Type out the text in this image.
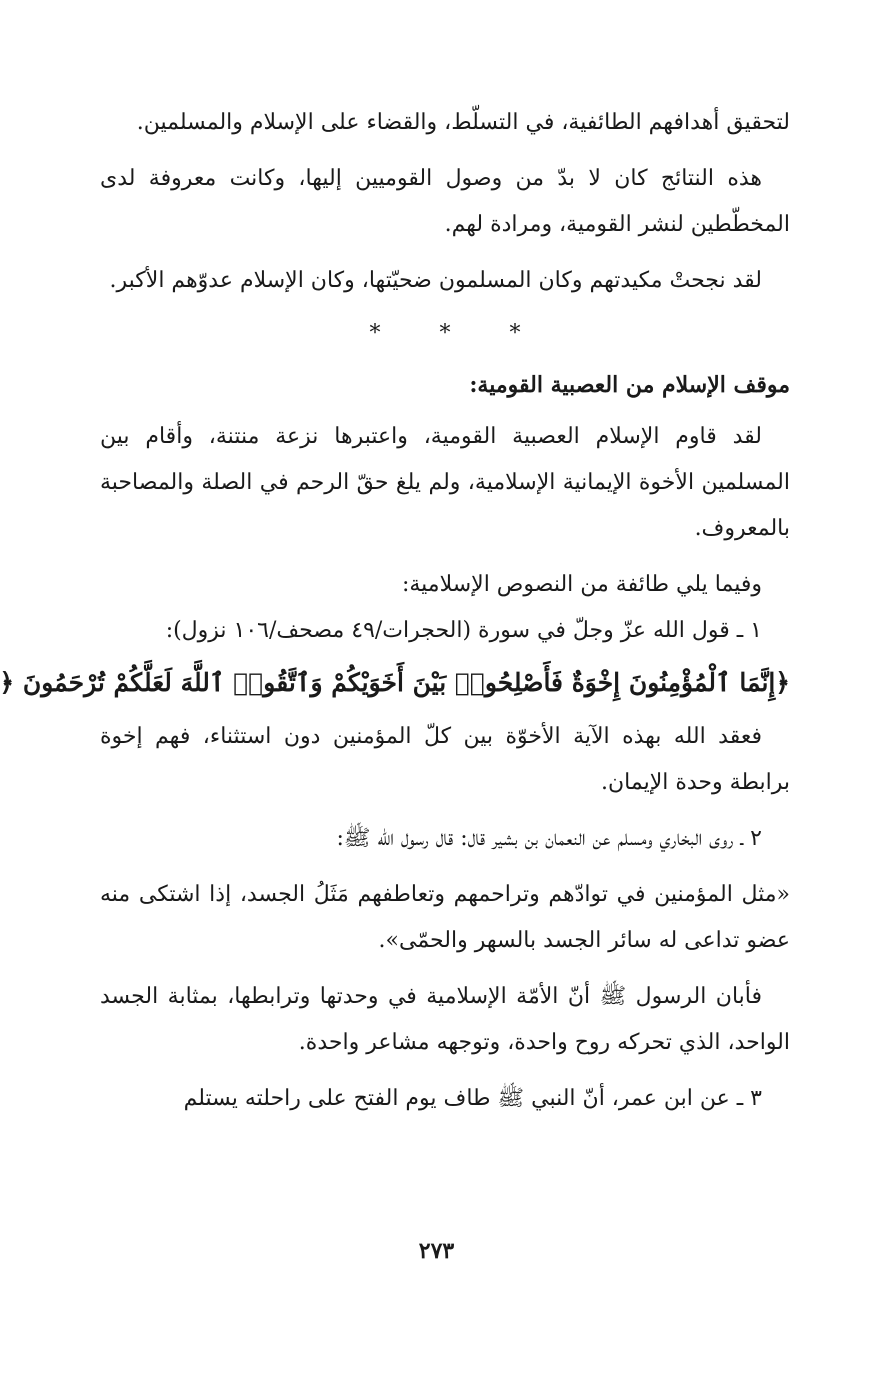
لتحقيق أهدافهم الطائفية، في التسلّط، والقضاء على الإسلام والمسلمين.

هذه النتائج كان لا بدّ من وصول القوميين إليها، وكانت معروفة لدى المخطّطين لنشر القومية، ومرادة لهم.

لقد نجحتْ مكيدتهم وكان المسلمون ضحيّتها، وكان الإسلام عدوّهم الأكبر.

* * *
موقف الإسلام من العصبية القومية:

لقد قاوم الإسلام العصبية القومية، واعتبرها نزعة منتنة، وأقام بين المسلمين الأخوة الإيمانية الإسلامية، ولم يلغ حقّ الرحم في الصلة والمصاحبة بالمعروف.

وفيما يلي طائفة من النصوص الإسلامية:

١ ـ قول الله عزّ وجلّ في سورة (الحجرات/٤٩ مصحف/١٠٦ نزول):

﴿إِنَّمَا ٱلْمُؤْمِنُونَ إِخْوَةٌ فَأَصْلِحُوا۟ بَيْنَ أَخَوَيْكُمْ وَٱتَّقُوا۟ ٱللَّهَ لَعَلَّكُمْ تُرْحَمُونَ ﴿

فعقد الله بهذه الآية الأخوّة بين كلّ المؤمنين دون استثناء، فهم إخوة برابطة وحدة الإيمان.

٢ ـ روى البخاري ومسلم عن النعمان بن بشير قال: قال رسول الله ﷺ:

«مثل المؤمنين في توادّهم وتراحمهم وتعاطفهم مَثَلُ الجسد، إذا اشتكى منه عضو تداعى له سائر الجسد بالسهر والحمّى».

فأبان الرسول ﷺ أنّ الأمّة الإسلامية في وحدتها وترابطها، بمثابة الجسد الواحد، الذي تحركه روح واحدة، وتوجهه مشاعر واحدة.

٣ ـ عن ابن عمر، أنّ النبي ﷺ طاف يوم الفتح على راحلته يستلم

٢٧٣
